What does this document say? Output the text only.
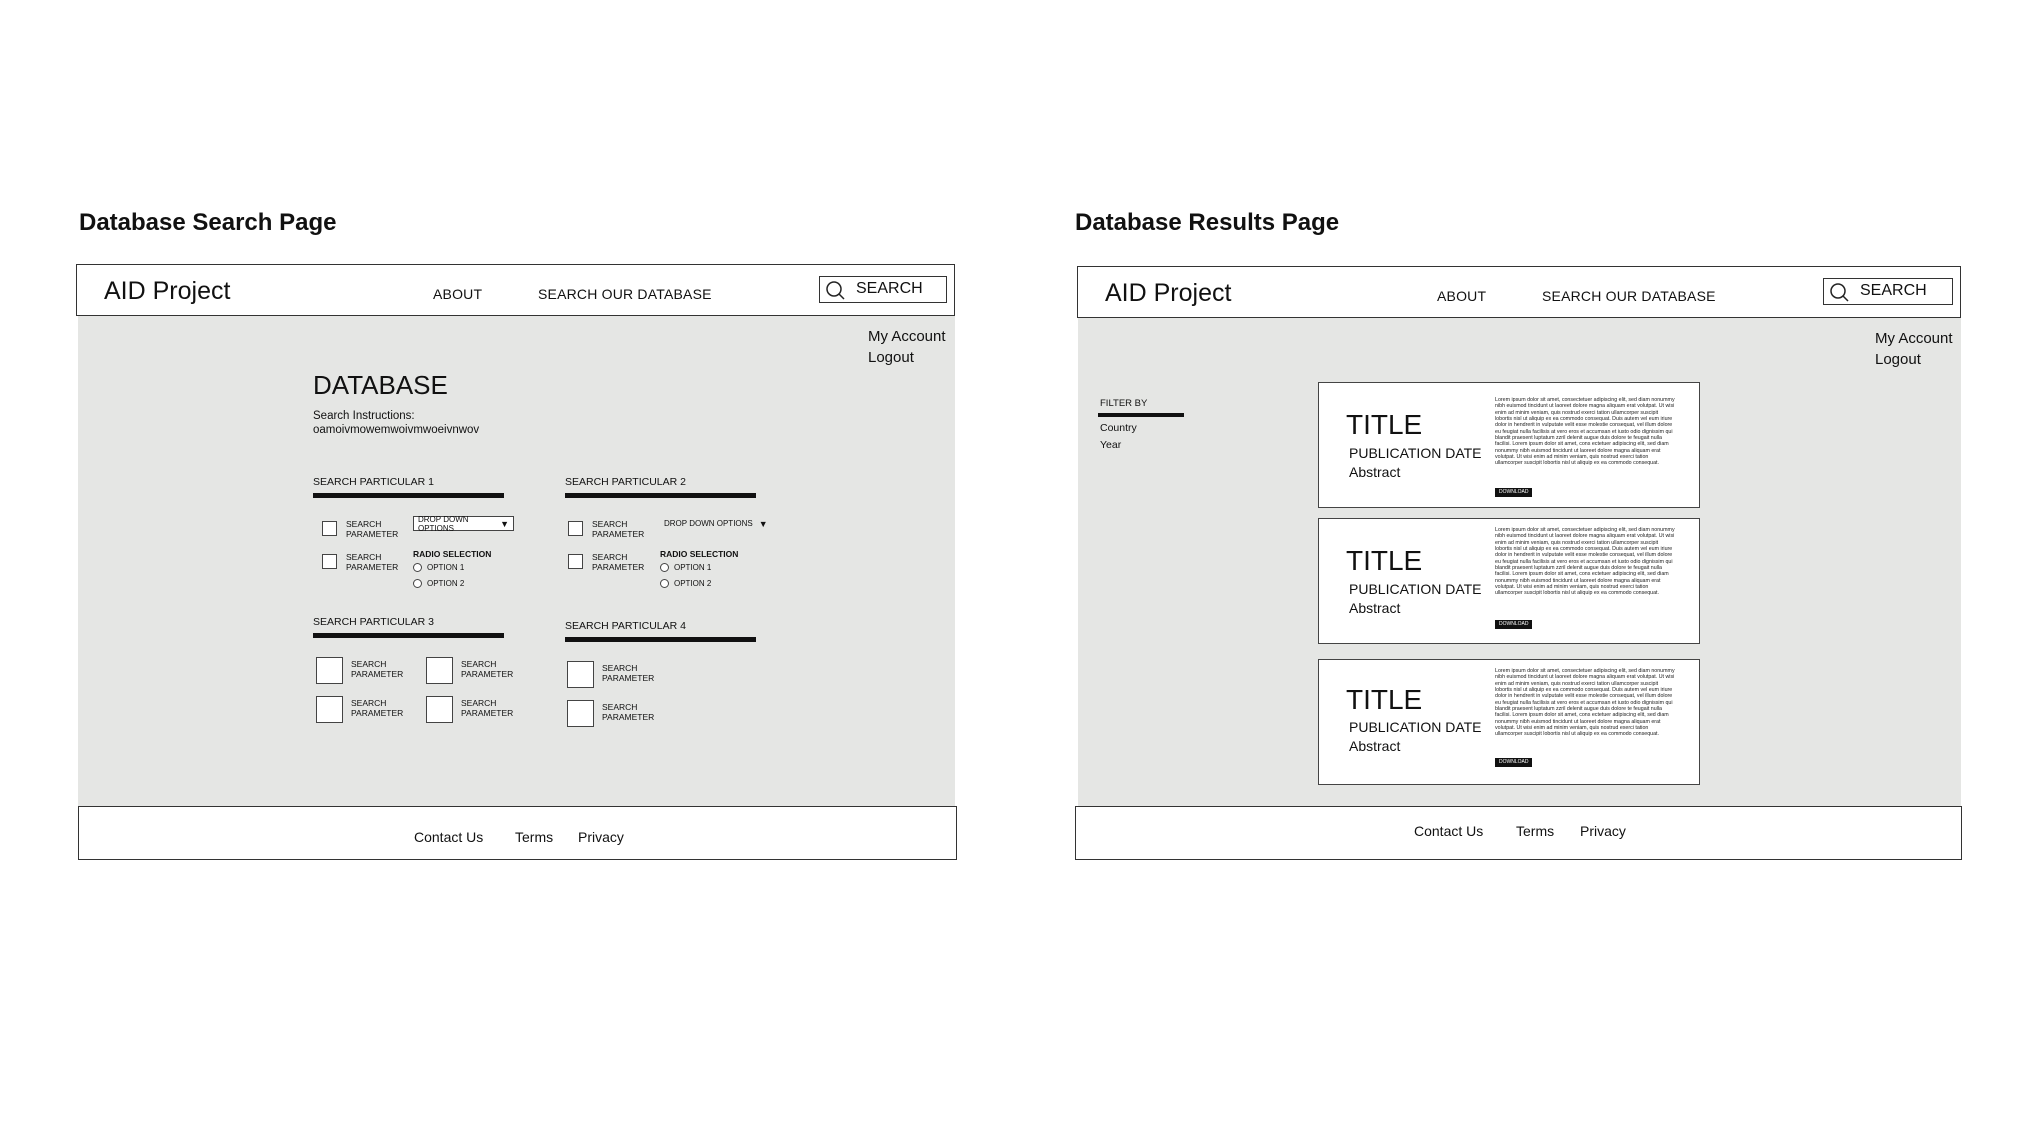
Database Search Page
AID Project	ABOUT	SEARCH OUR DATABASE	SEARCH
My Account
Logout
DATABASE
Search Instructions:
oamoivmowemwoivmwoeivnwov
SEARCH PARTICULAR 1
SEARCH
PARAMETER
SEARCH
PARAMETER
DROP DOWN OPTIONS	▼
RADIO SELECTION
OPTION 1
OPTION 2
SEARCH PARTICULAR 2
SEARCH
PARAMETER
SEARCH
PARAMETER
DROP DOWN OPTIONS ▼
RADIO SELECTION
OPTION 1
OPTION 2
SEARCH PARTICULAR 3
SEARCH
PARAMETER
SEARCH
PARAMETER
SEARCH
PARAMETER
SEARCH
PARAMETER
SEARCH PARTICULAR 4
SEARCH
PARAMETER
SEARCH
PARAMETER
Contact Us Terms Privacy
Database Results Page
AID Project	ABOUT	SEARCH OUR DATABASE	SEARCH
My Account
Logout
FILTER BY
Country
Year
TITLE
PUBLICATION DATE
Abstract
Lorem ipsum dolor sit amet, consectetuer adipiscing elit, sed diam nonummy nibh euismod tincidunt ut laoreet dolore magna aliquam erat volutpat. Ut wisi enim ad minim veniam, quis nostrud exerci tation ullamcorper suscipit lobortis nisl ut aliquip ex ea commodo consequat. Duis autem vel eum iriure dolor in hendrerit in vulputate velit esse molestie consequat, vel illum dolore eu feugiat nulla facilisis at vero eros et accumsan et iusto odio dignissim qui blandit praesent luptatum zzril delenit augue duis dolore te feugait nulla facilisi. Lorem ipsum dolor sit amet, cons ectetuer adipiscing elit, sed diam nonummy nibh euismod tincidunt ut laoreet dolore magna aliquam erat volutpat. Ut wisi enim ad minim veniam, quis nostrud exerci tation ullamcorper suscipit lobortis nisl ut aliquip ex ea commodo consequat.
DOWNLOAD
TITLE
PUBLICATION DATE
Abstract
Lorem ipsum dolor sit amet, consectetuer adipiscing elit, sed diam nonummy nibh euismod tincidunt ut laoreet dolore magna aliquam erat volutpat. Ut wisi enim ad minim veniam, quis nostrud exerci tation ullamcorper suscipit lobortis nisl ut aliquip ex ea commodo consequat. Duis autem vel eum iriure dolor in hendrerit in vulputate velit esse molestie consequat, vel illum dolore eu feugiat nulla facilisis at vero eros et accumsan et iusto odio dignissim qui blandit praesent luptatum zzril delenit augue duis dolore te feugait nulla facilisi. Lorem ipsum dolor sit amet, cons ectetuer adipiscing elit, sed diam nonummy nibh euismod tincidunt ut laoreet dolore magna aliquam erat volutpat. Ut wisi enim ad minim veniam, quis nostrud exerci tation ullamcorper suscipit lobortis nisl ut aliquip ex ea commodo consequat.
DOWNLOAD
TITLE
PUBLICATION DATE
Abstract
Lorem ipsum dolor sit amet, consectetuer adipiscing elit, sed diam nonummy nibh euismod tincidunt ut laoreet dolore magna aliquam erat volutpat. Ut wisi enim ad minim veniam, quis nostrud exerci tation ullamcorper suscipit lobortis nisl ut aliquip ex ea commodo consequat. Duis autem vel eum iriure dolor in hendrerit in vulputate velit esse molestie consequat, vel illum dolore eu feugiat nulla facilisis at vero eros et accumsan et iusto odio dignissim qui blandit praesent luptatum zzril delenit augue duis dolore te feugait nulla facilisi. Lorem ipsum dolor sit amet, cons ectetuer adipiscing elit, sed diam nonummy nibh euismod tincidunt ut laoreet dolore magna aliquam erat volutpat. Ut wisi enim ad minim veniam, quis nostrud exerci tation ullamcorper suscipit lobortis nisl ut aliquip ex ea commodo consequat.
DOWNLOAD
Contact Us Terms Privacy
